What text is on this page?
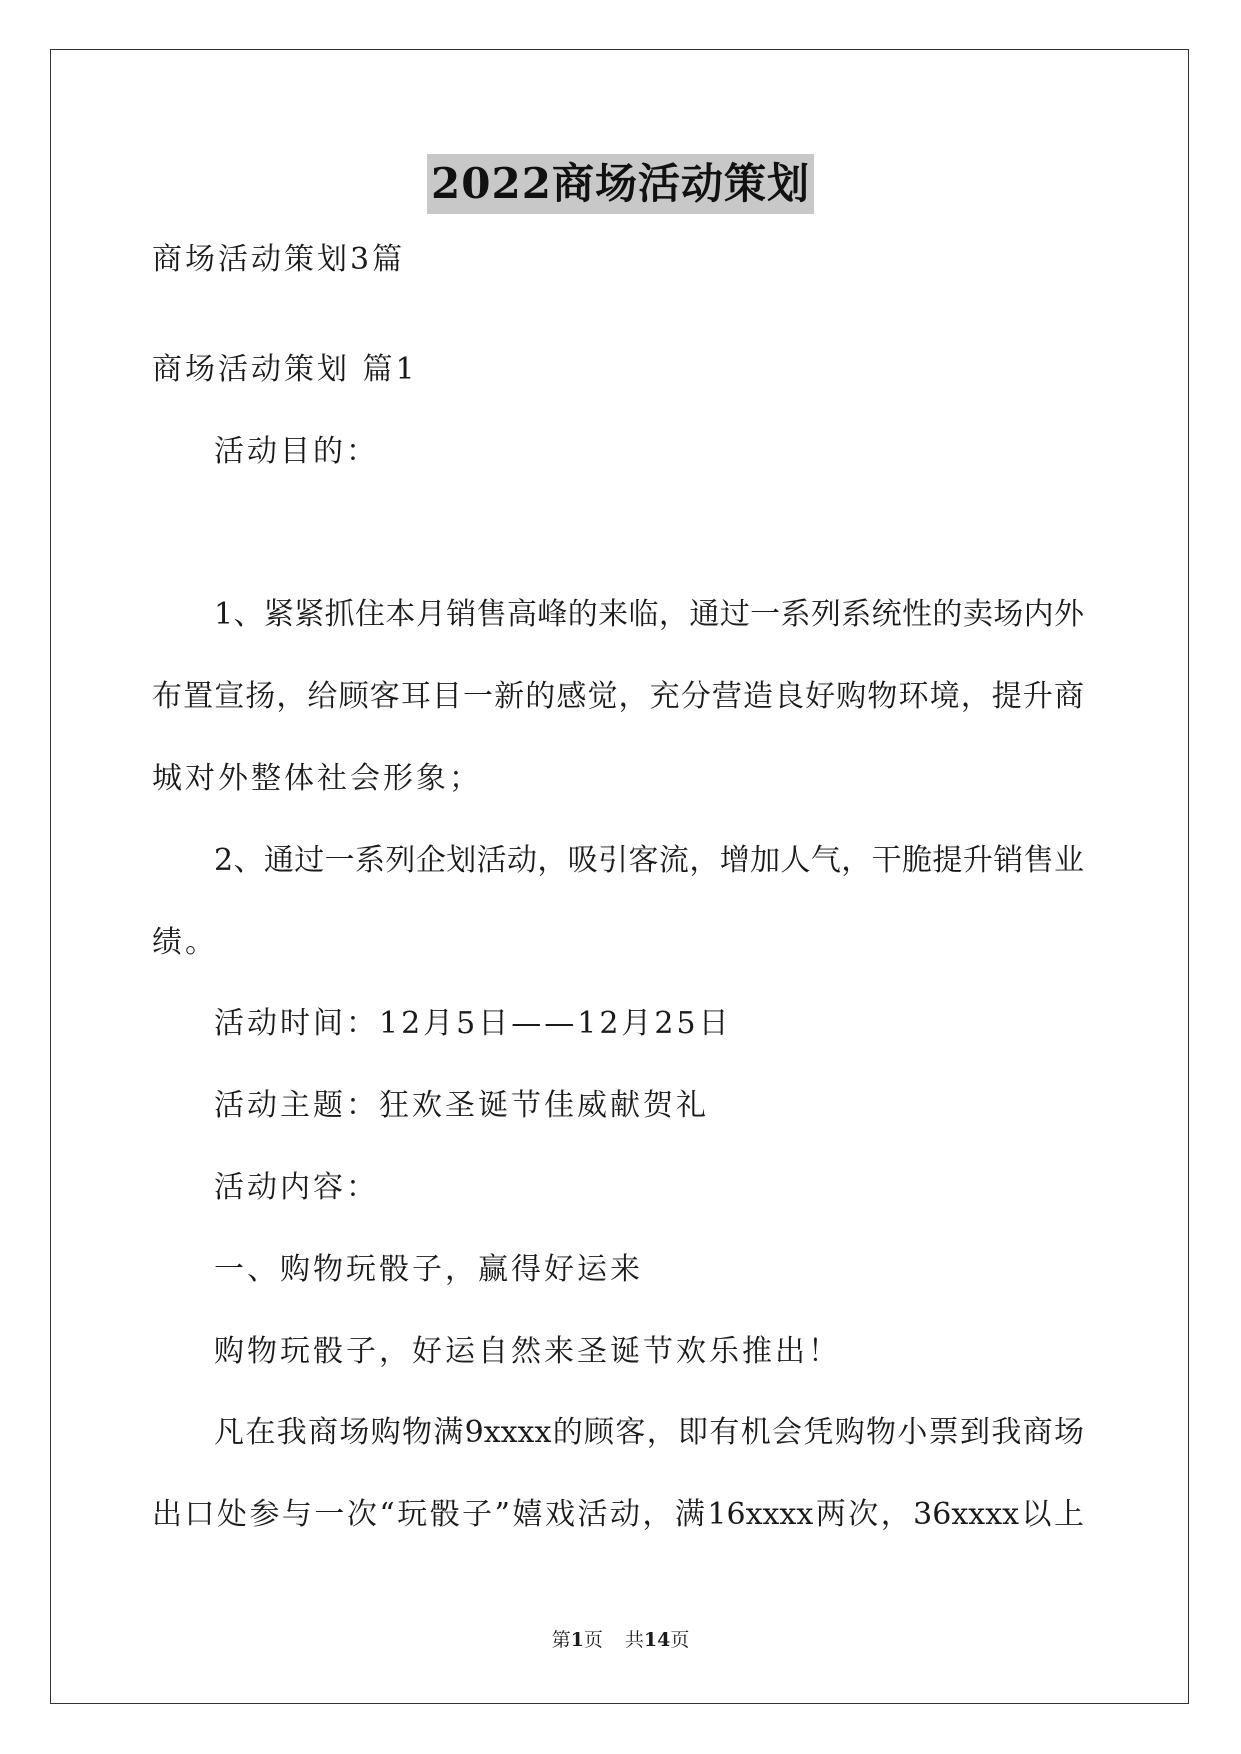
2022商场活动策划
商场活动策划3篇
商场活动策划 篇1
活动目的：
1、紧紧抓住本月销售高峰的来临，通过一系列系统性的卖场内外
布置宣扬，给顾客耳目一新的感觉，充分营造良好购物环境，提升商
城对外整体社会形象；
2、通过一系列企划活动，吸引客流，增加人气，干脆提升销售业
绩。
活动时间：12月5日——12月25日
活动主题：狂欢圣诞节佳威献贺礼
活动内容：
一、购物玩骰子，赢得好运来
购物玩骰子，好运自然来圣诞节欢乐推出！
凡在我商场购物满9xxxx的顾客，即有机会凭购物小票到我商场
出口处参与一次“玩骰子”嬉戏活动，满16xxxx两次，36xxxx以上
第1页 共14页
